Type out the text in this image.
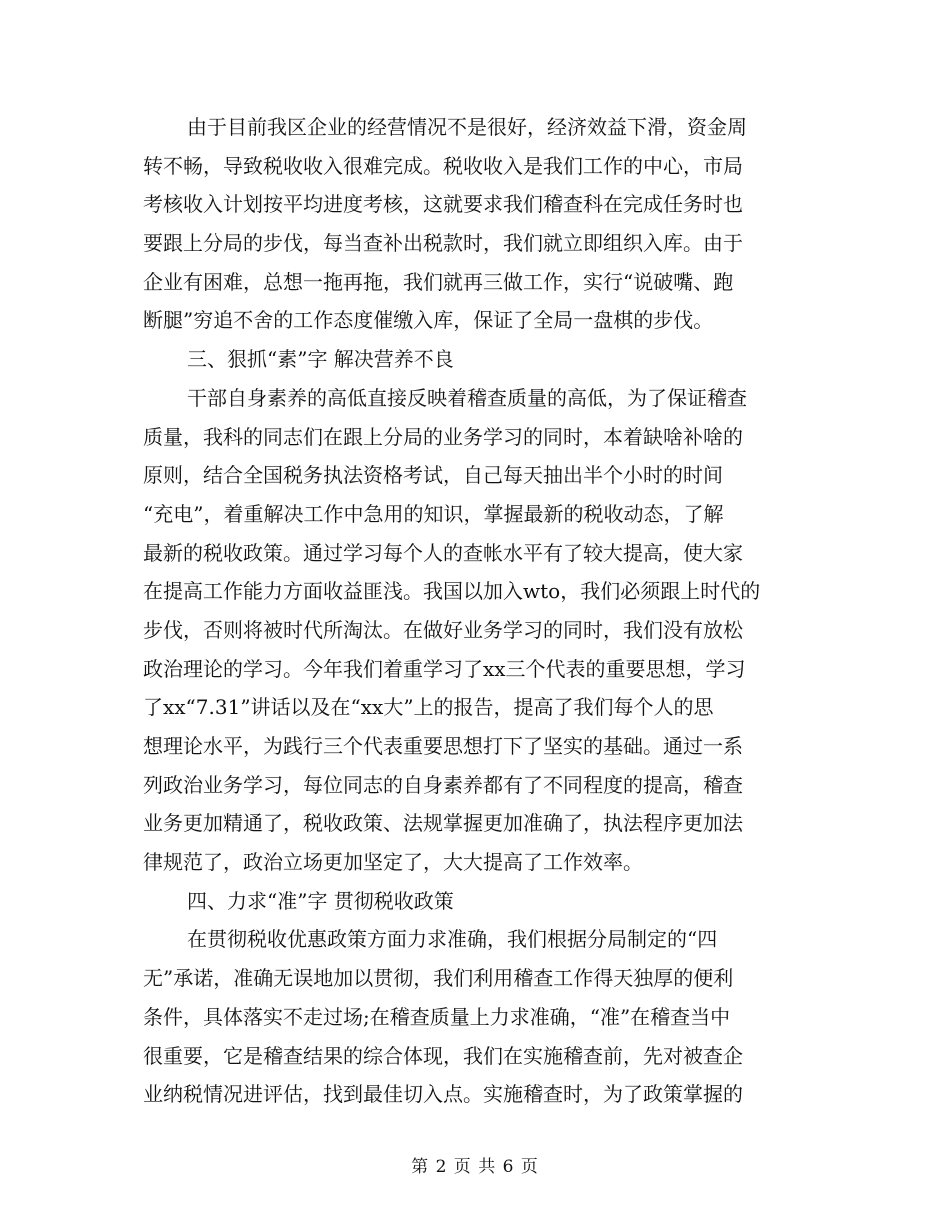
由于目前我区企业的经营情况不是很好，经济效益下滑，资金周
转不畅，导致税收收入很难完成。税收收入是我们工作的中心，市局
考核收入计划按平均进度考核，这就要求我们稽查科在完成任务时也
要跟上分局的步伐，每当查补出税款时，我们就立即组织入库。由于
企业有困难，总想一拖再拖，我们就再三做工作，实行“说破嘴、跑
断腿”穷追不舍的工作态度催缴入库，保证了全局一盘棋的步伐。
三、狠抓“素”字 解决营养不良
干部自身素养的高低直接反映着稽查质量的高低，为了保证稽查
质量，我科的同志们在跟上分局的业务学习的同时，本着缺啥补啥的
原则，结合全国税务执法资格考试，自己每天抽出半个小时的时间
“充电”，着重解决工作中急用的知识，掌握最新的税收动态，了解
最新的税收政策。通过学习每个人的查帐水平有了较大提高，使大家
在提高工作能力方面收益匪浅。我国以加入wto，我们必须跟上时代的
步伐，否则将被时代所淘汰。在做好业务学习的同时，我们没有放松
政治理论的学习。今年我们着重学习了xx三个代表的重要思想，学习
了xx“7.31”讲话以及在“xx大”上的报告，提高了我们每个人的思
想理论水平，为践行三个代表重要思想打下了坚实的基础。通过一系
列政治业务学习，每位同志的自身素养都有了不同程度的提高，稽查
业务更加精通了，税收政策、法规掌握更加准确了，执法程序更加法
律规范了，政治立场更加坚定了，大大提高了工作效率。
四、力求“准”字 贯彻税收政策
在贯彻税收优惠政策方面力求准确，我们根据分局制定的“四
无”承诺，准确无误地加以贯彻，我们利用稽查工作得天独厚的便利
条件，具体落实不走过场;在稽查质量上力求准确，“准”在稽查当中
很重要，它是稽查结果的综合体现，我们在实施稽查前，先对被查企
业纳税情况进评估，找到最佳切入点。实施稽查时，为了政策掌握的
第 2 页 共 6 页
